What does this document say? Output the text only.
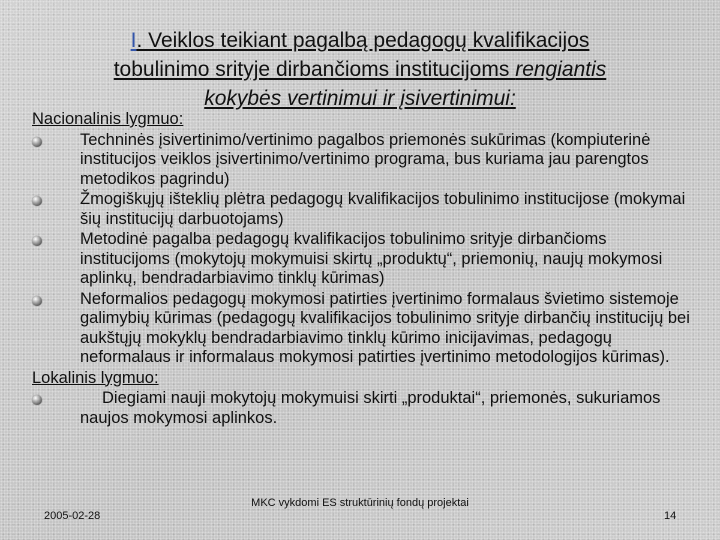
I. Veiklos teikiant pagalbą pedagogų kvalifikacijos
tobulinimo srityje dirbančioms institucijoms rengiantis
kokybės vertinimui ir įsivertinimui:

Nacionalinis lygmuo:

Techninės įsivertinimo/vertinimo pagalbos priemonės sukūrimas (kompiuterinė institucijos veiklos įsivertinimo/vertinimo programa, bus kuriama jau parengtos metodikos pagrindu)
Žmogiškųjų išteklių plėtra pedagogų kvalifikacijos tobulinimo institucijose (mokymai šių institucijų darbuotojams)
Metodinė pagalba pedagogų kvalifikacijos tobulinimo srityje dirbančioms institucijoms (mokytojų mokymuisi skirtų „produktų“, priemonių, naujų mokymosi aplinkų, bendradarbiavimo tinklų kūrimas)
Neformalios pedagogų mokymosi patirties įvertinimo formalaus švietimo sistemoje galimybių kūrimas (pedagogų kvalifikacijos tobulinimo srityje dirbančių institucijų bei aukštųjų mokyklų bendradarbiavimo tinklų kūrimo inicijavimas, pedagogų neformalaus ir informalaus mokymosi patirties įvertinimo metodologijos kūrimas).

Lokalinis lygmuo:

Diegiami nauji mokytojų mokymuisi skirti „produktai“, priemonės, sukuriamos naujos mokymosi aplinkos.
2005-02-28
MKC vykdomi ES struktūrinių fondų projektai
14
